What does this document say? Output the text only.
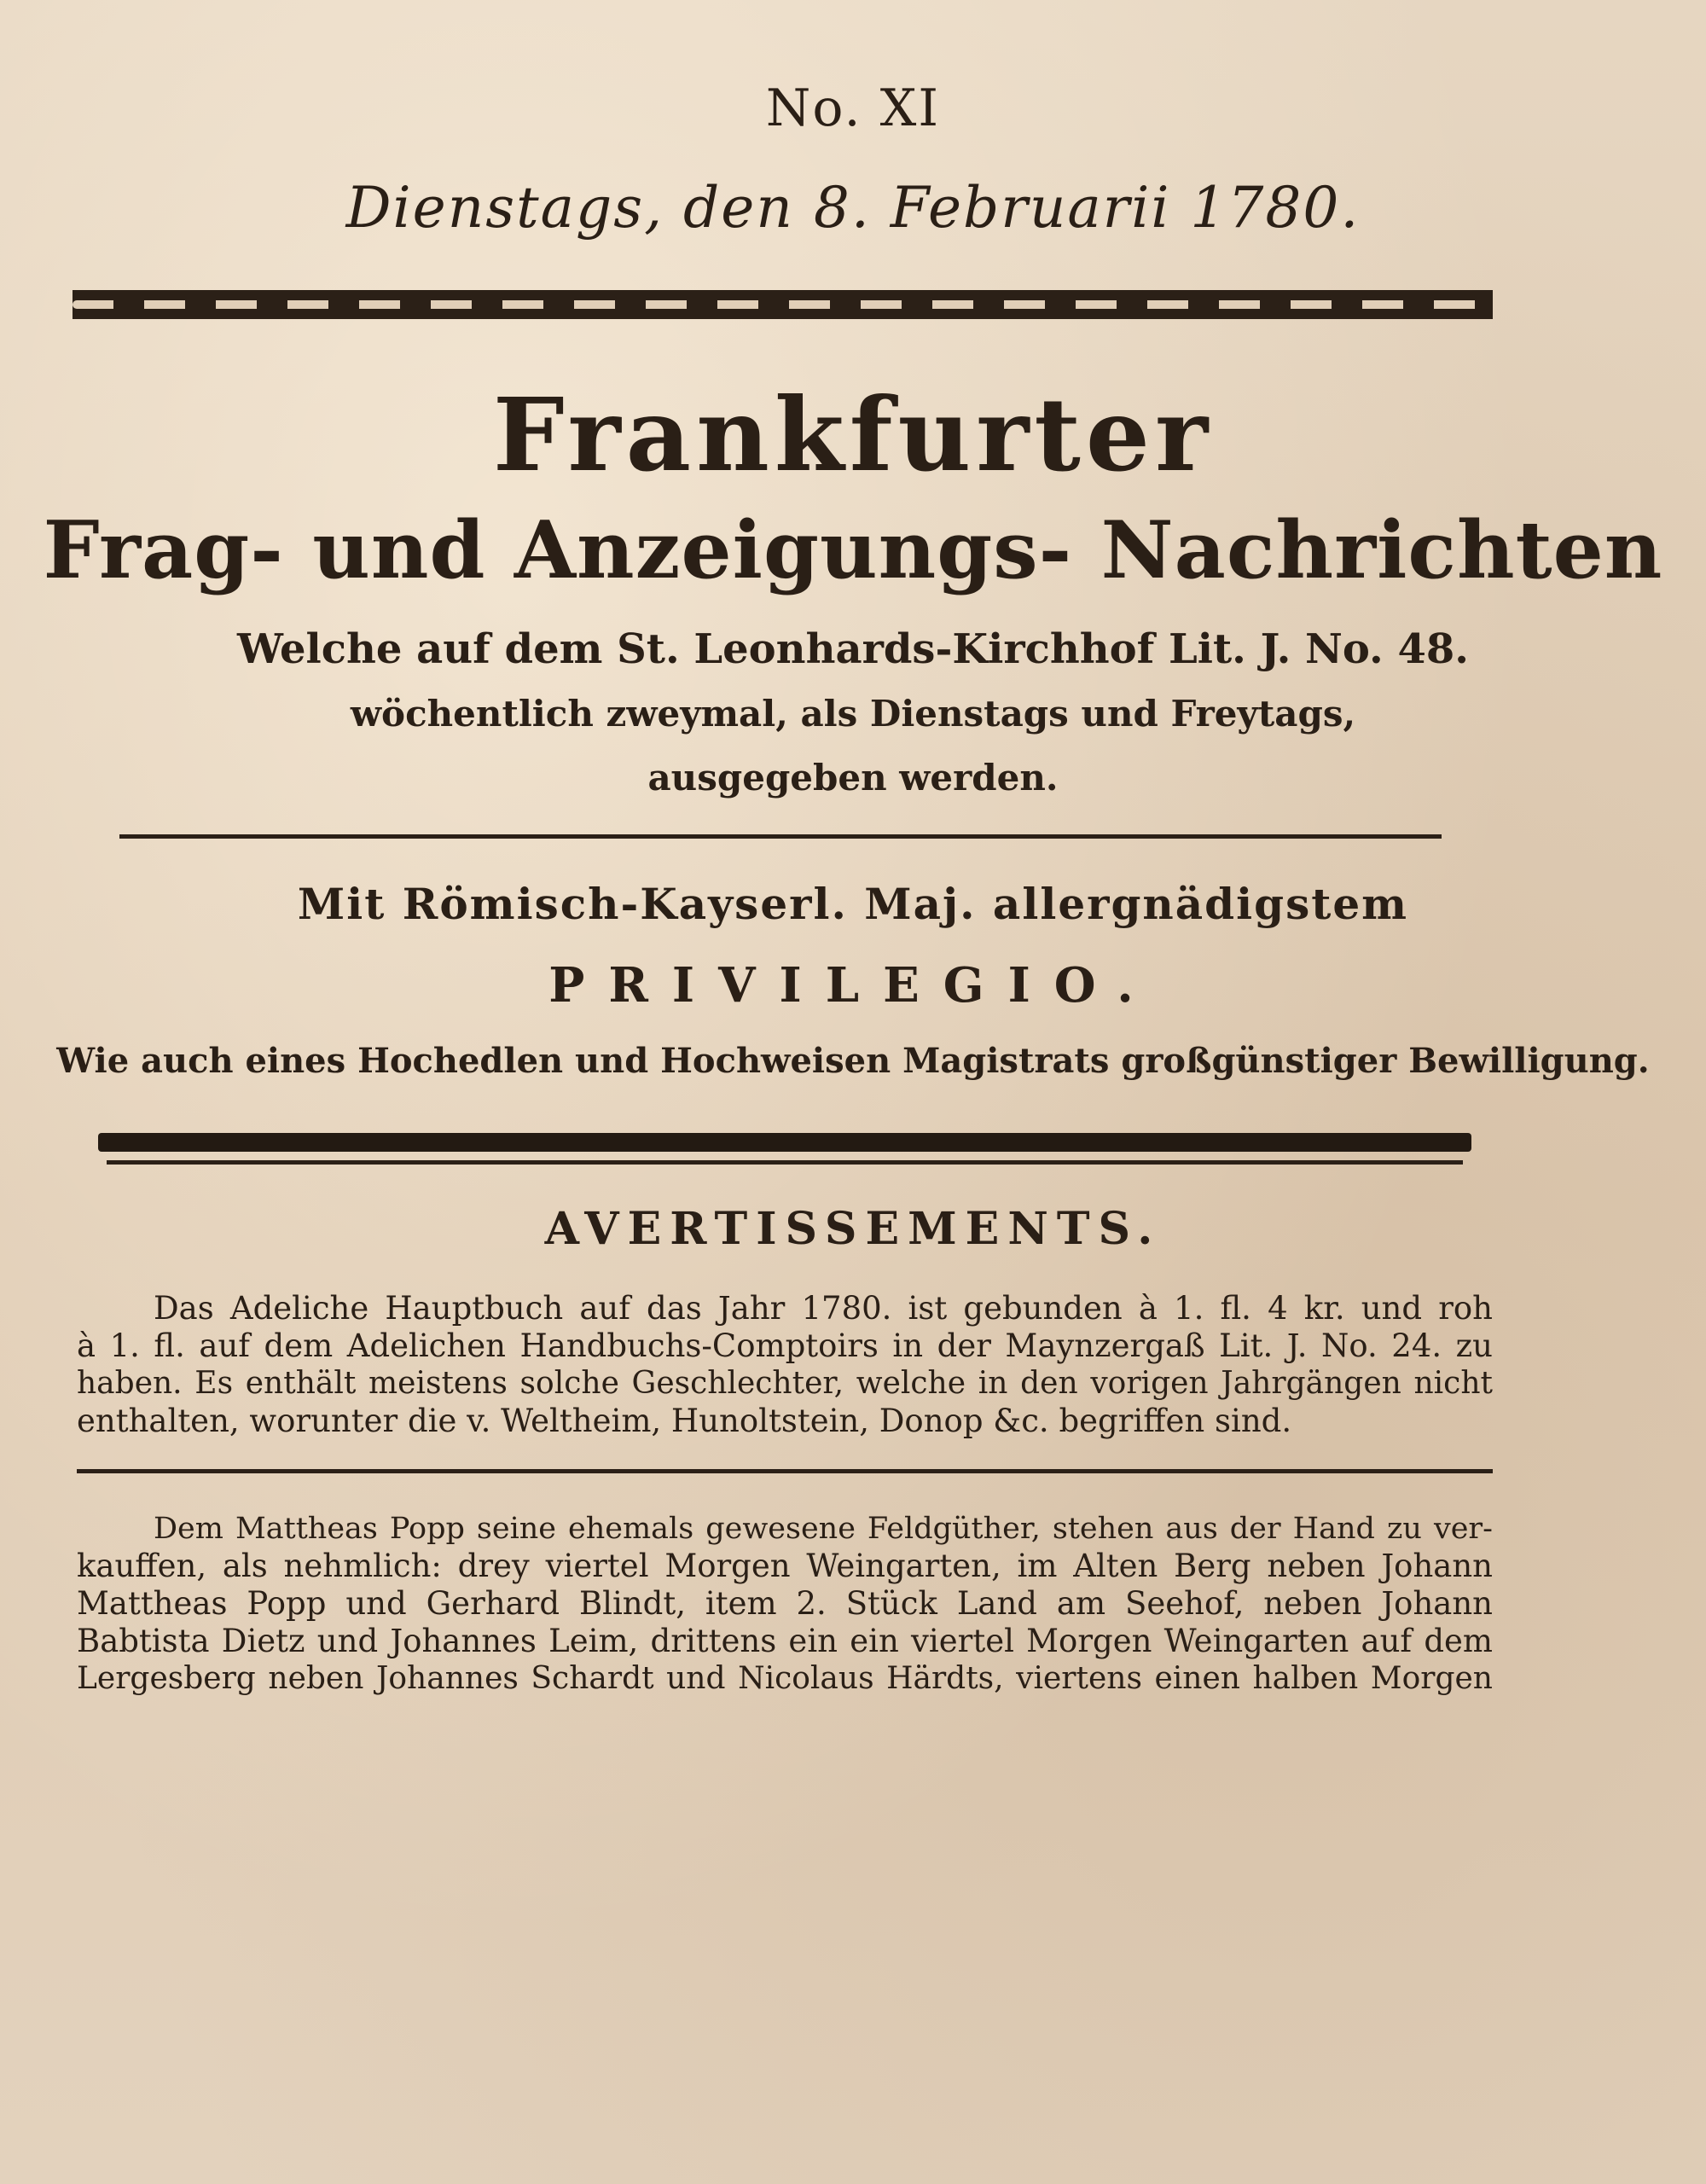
No. XI
Dienstags, den 8. Februarii 1780.
Frankfurter
Frag- und Anzeigungs- Nachrichten
Welche auf dem St. Leonhards-Kirchhof Lit. J. No. 48.
wöchentlich zweymal, als Dienstags und Freytags,
ausgegeben werden.
Mit Römisch-Kayserl. Maj. allergnädigstem
PRIVILEGIO.
Wie auch eines Hochedlen und Hochweisen Magistrats großgünstiger Bewilligung.
AVERTISSEMENTS.
Das Adeliche Hauptbuch auf das Jahr 1780. ist gebunden à 1. fl. 4 kr. und roh
à 1. fl. auf dem Adelichen Handbuchs-Comptoirs in der Maynzergaß Lit. J. No. 24. zu
haben. Es enthält meistens solche Geschlechter, welche in den vorigen Jahrgängen nicht
enthalten, worunter die v. Weltheim, Hunoltstein, Donop &c. begriffen sind.
Dem Mattheas Popp seine ehemals gewesene Feldgüther, stehen aus der Hand zu ver-
kauffen, als nehmlich: drey viertel Morgen Weingarten, im Alten Berg neben Johann
Mattheas Popp und Gerhard Blindt, item 2. Stück Land am Seehof, neben Johann
Babtista Dietz und Johannes Leim, drittens ein ein viertel Morgen Weingarten auf dem
Lergesberg neben Johannes Schardt und Nicolaus Härdts, viertens einen halben Morgen
